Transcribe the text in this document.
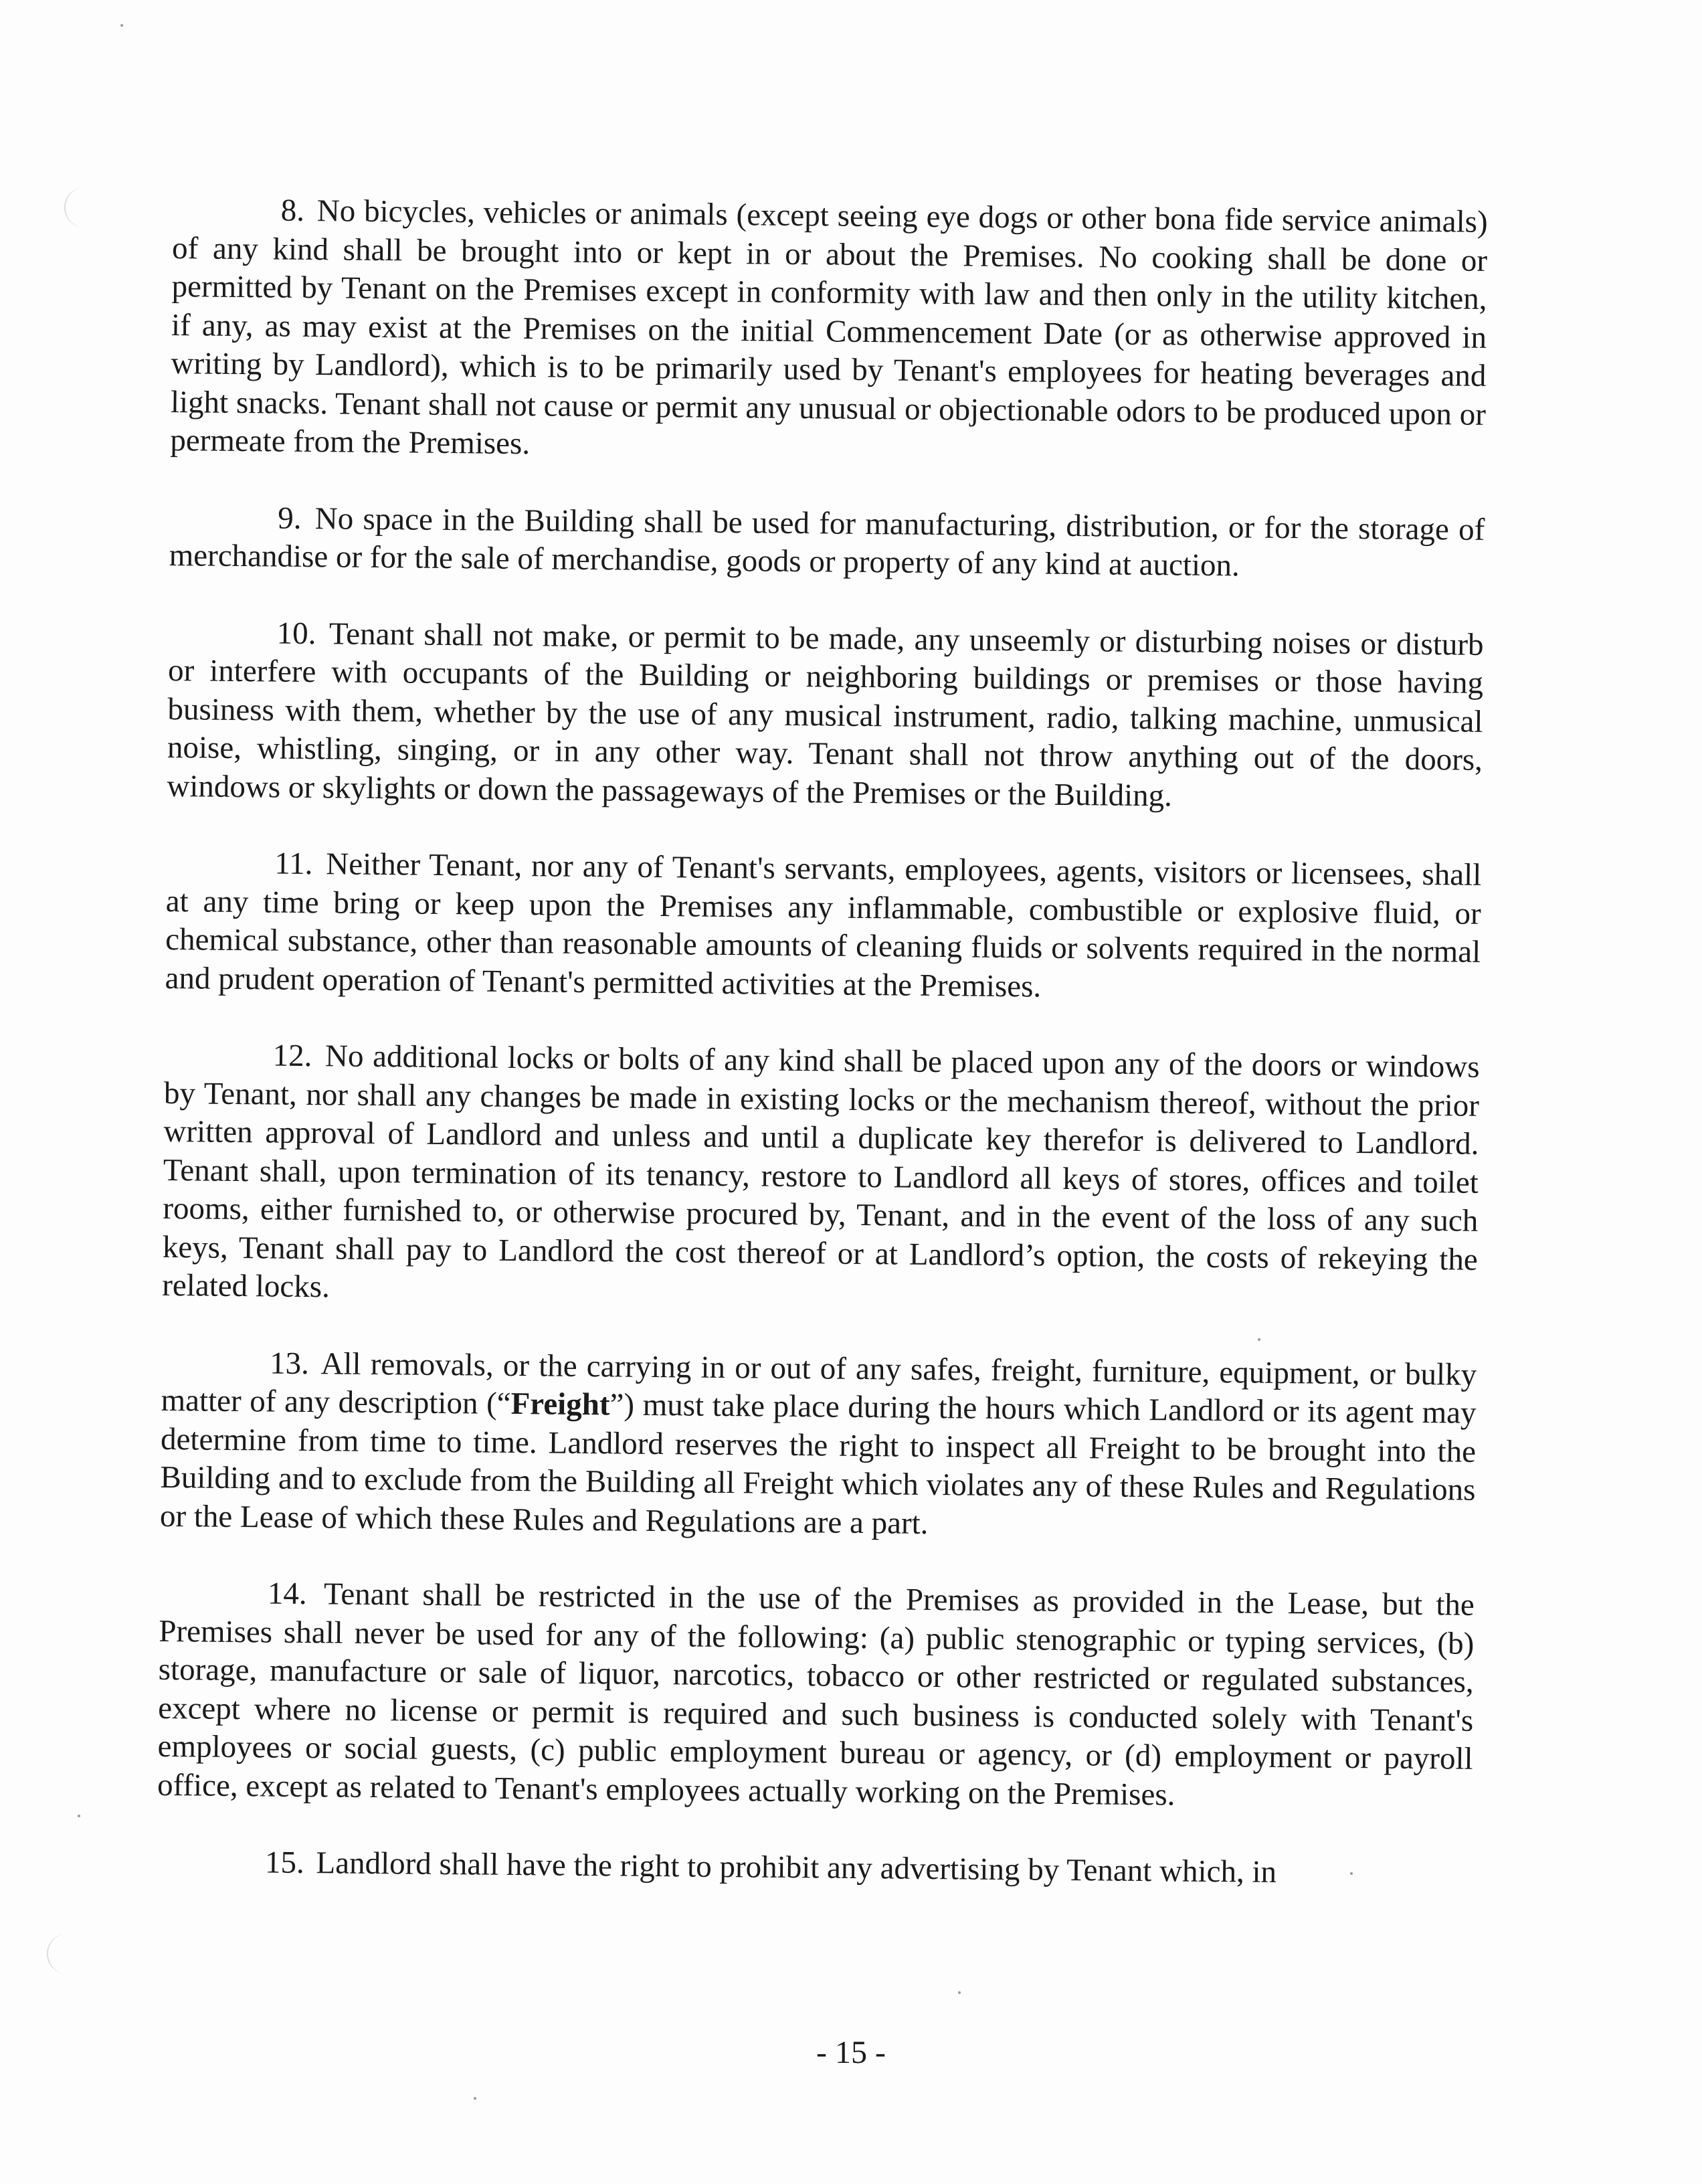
8. No bicycles, vehicles or animals (except seeing eye dogs or other bona fide service animals) of any kind shall be brought into or kept in or about the Premises. No cooking shall be done or permitted by Tenant on the Premises except in conformity with law and then only in the utility kitchen, if any, as may exist at the Premises on the initial Commencement Date (or as otherwise approved in writing by Landlord), which is to be primarily used by Tenant's employees for heating beverages and light snacks. Tenant shall not cause or permit any unusual or objectionable odors to be produced upon or permeate from the Premises.

9. No space in the Building shall be used for manufacturing, distribution, or for the storage of merchandise or for the sale of merchandise, goods or property of any kind at auction.

10. Tenant shall not make, or permit to be made, any unseemly or disturbing noises or disturb or interfere with occupants of the Building or neighboring buildings or premises or those having business with them, whether by the use of any musical instrument, radio, talking machine, unmusical noise, whistling, singing, or in any other way. Tenant shall not throw anything out of the doors, windows or skylights or down the passageways of the Premises or the Building.

11. Neither Tenant, nor any of Tenant's servants, employees, agents, visitors or licensees, shall at any time bring or keep upon the Premises any inflammable, combustible or explosive fluid, or chemical substance, other than reasonable amounts of cleaning fluids or solvents required in the normal and prudent operation of Tenant's permitted activities at the Premises.

12. No additional locks or bolts of any kind shall be placed upon any of the doors or windows by Tenant, nor shall any changes be made in existing locks or the mechanism thereof, without the prior written approval of Landlord and unless and until a duplicate key therefor is delivered to Landlord. Tenant shall, upon termination of its tenancy, restore to Landlord all keys of stores, offices and toilet rooms, either furnished to, or otherwise procured by, Tenant, and in the event of the loss of any such keys, Tenant shall pay to Landlord the cost thereof or at Landlord’s option, the costs of rekeying the related locks.

13. All removals, or the carrying in or out of any safes, freight, furniture, equipment, or bulky matter of any description (“Freight”) must take place during the hours which Landlord or its agent may determine from time to time. Landlord reserves the right to inspect all Freight to be brought into the Building and to exclude from the Building all Freight which violates any of these Rules and Regulations or the Lease of which these Rules and Regulations are a part.

14. Tenant shall be restricted in the use of the Premises as provided in the Lease, but the Premises shall never be used for any of the following: (a) public stenographic or typing services, (b) storage, manufacture or sale of liquor, narcotics, tobacco or other restricted or regulated substances, except where no license or permit is required and such business is conducted solely with Tenant's employees or social guests, (c) public employment bureau or agency, or (d) employment or payroll office, except as related to Tenant's employees actually working on the Premises.

15. Landlord shall have the right to prohibit any advertising by Tenant which, in

- 15 -
